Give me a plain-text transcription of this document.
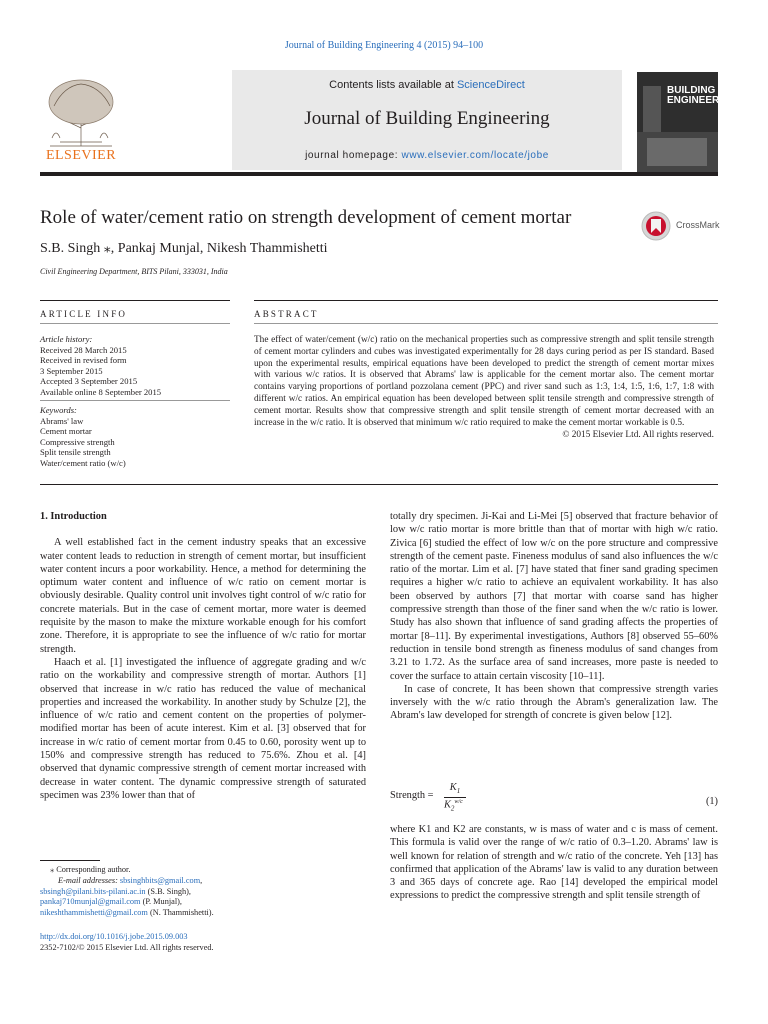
Journal of Building Engineering 4 (2015) 94–100
ELSEVIER
Contents lists available at ScienceDirect
Journal of Building Engineering
journal homepage: www.elsevier.com/locate/jobe
BUILDING
ENGINEERING
Role of water/cement ratio on strength development of cement mortar	CrossMark
S.B. Singh ⁎, Pankaj Munjal, Nikesh Thammishetti
Civil Engineering Department, BITS Pilani, 333031, India
ARTICLE INFO	ABSTRACT
Article history:
Received 28 March 2015
Received in revised form
3 September 2015
Accepted 3 September 2015
Available online 8 September 2015
Keywords:
Abrams' law
Cement mortar
Compressive strength
Split tensile strength
Water/cement ratio (w/c)
The effect of water/cement (w/c) ratio on the mechanical properties such as compressive strength and split tensile strength of cement mortar cylinders and cubes was investigated experimentally for 28 days curing period as per IS standard. Based upon the experimental results, empirical equations have been developed to predict the strength of cement mortar mixes with various w/c ratios. It is observed that Abrams' law is applicable for the cement mortar also. The cement mortar contains varying proportions of portland pozzolana cement (PPC) and river sand such as 1:3, 1:4, 1:5, 1:6, 1:7, 1:8 with different w/c ratios. An empirical equation has been developed between split tensile strength and compressive strength of cement mortar. Results show that compressive strength and split tensile strength of cement mortar decreased with an increase in the w/c ratio. It is observed that minimum w/c ratio required to make the cement mortar workable is 0.5.
© 2015 Elsevier Ltd. All rights reserved.
1. Introduction

A well established fact in the cement industry speaks that an excessive water content leads to reduction in strength of cement mortar, but insufficient water content incurs a poor workability. Hence, a method for determining the optimum water content and influence of w/c ratio on cement mortar is obviously desirable. Quality control unit involves tight control of w/c ratio for concrete materials. But in the case of cement mortar, more water is deemed requisite by the mason to make the mixture workable enough for his comfort zone. Therefore, it is appropriate to see the influence of w/c ratio for mortar strength.

Haach et al. [1] investigated the influence of aggregate grading and w/c ratio on the workability and compressive strength of mortar. Authors [1] observed that increase in w/c ratio has reduced the value of mechanical properties and increased the workability. In another study by Schulze [2], the influence of w/c ratio and cement content on the properties of polymer-modified mortar has been of acute interest. Kim et al. [3] observed that for increase in w/c ratio of cement mortar from 0.45 to 0.60, porosity went up to 150% and compressive strength has reduced to 75.6%. Zhou et al. [4] observed that dynamic compressive strength of cement mortar increased with decrease in water content. The dynamic compressive strength of saturated specimen was 23% lower than that of

totally dry specimen. Ji-Kai and Li-Mei [5] observed that fracture behavior of low w/c ratio mortar is more brittle than that of mortar with high w/c ratio. Zivica [6] studied the effect of low w/c on the pore structure and compressive strength of the cement paste. Fineness modulus of sand also influences the w/c ratio of the mortar. Lim et al. [7] have stated that finer sand grading specimen requires a higher w/c ratio to achieve an equivalent workability. It has also been observed by authors [7] that mortar with coarse sand has higher compressive strength than those of the finer sand when the w/c ratio is lower. Study has also shown that influence of sand grading affects the properties of mortar [8–11]. By experimental investigations, Authors [8] observed 55–60% reduction in tensile bond strength as fineness modulus of sand changes from 3.21 to 1.72. As the surface area of sand increases, more paste is needed to cover the surface to attain certain viscosity [10–11].

In case of concrete, It has been shown that compressive strength varies inversely with the w/c ratio through the Abram's generalization law. The Abram's law developed for strength of concrete is given below [12].

Strength =
$K_1$
$K_2^{w/c}$	(1)

where K1 and K2 are constants, w is mass of water and c is mass of cement. This formula is valid over the range of w/c ratio of 0.3–1.20. Abrams' law is well known for relation of strength and w/c ratio of the concrete. Yeh [13] has confirmed that application of the Abrams' law is valid to any duration between 3 and 365 days of concrete age. Rao [14] developed the empirical model expressions to predict the compressive strength and split tensile strength of

⁎ Corresponding author.
E-mail addresses: sbsinghbits@gmail.com,
sbsingh@pilani.bits-pilani.ac.in (S.B. Singh),
pankaj710munjal@gmail.com (P. Munjal),
nikeshthammishetti@gmail.com (N. Thammishetti).
http://dx.doi.org/10.1016/j.jobe.2015.09.003
2352-7102/© 2015 Elsevier Ltd. All rights reserved.
